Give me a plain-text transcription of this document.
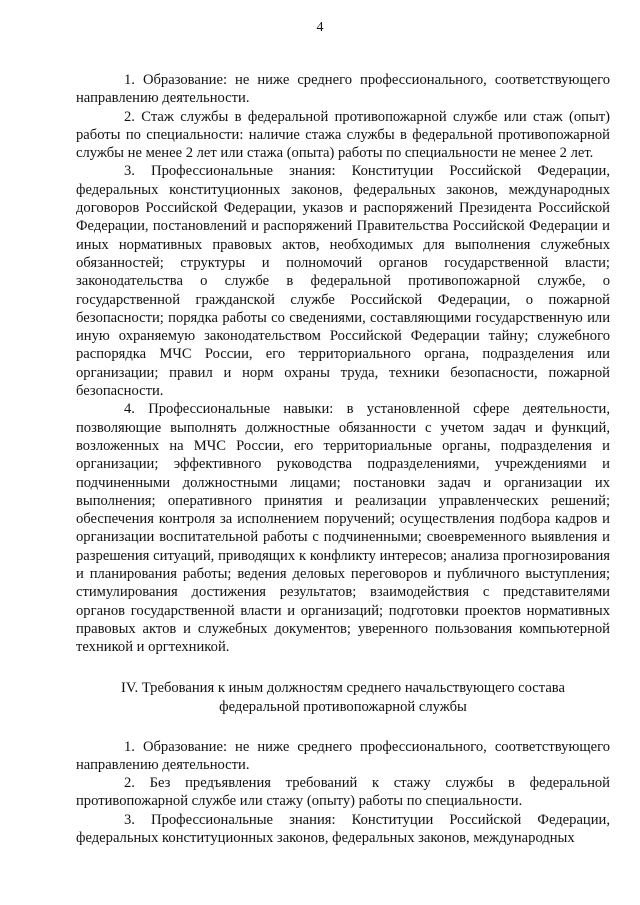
4

1. Образование: не ниже среднего профессионального, соответствующего направлению деятельности.

2. Стаж службы в федеральной противопожарной службе или стаж (опыт) работы по специальности: наличие стажа службы в федеральной противопожарной службы не менее 2 лет или стажа (опыта) работы по специальности не менее 2 лет.

3. Профессиональные знания: Конституции Российской Федерации, федеральных конституционных законов, федеральных законов, международных договоров Российской Федерации, указов и распоряжений Президента Российской Федерации, постановлений и распоряжений Правительства Российской Федерации и иных нормативных правовых актов, необходимых для выполнения служебных обязанностей; структуры и полномочий органов государственной власти; законодательства о службе в федеральной противопожарной службе, о государственной гражданской службе Российской Федерации, о пожарной безопасности; порядка работы со сведениями, составляющими государственную или иную охраняемую законодательством Российской Федерации тайну; служебного распорядка МЧС России, его территориального органа, подразделения или организации; правил и норм охраны труда, техники безопасности, пожарной безопасности.

4. Профессиональные навыки: в установленной сфере деятельности, позволяющие выполнять должностные обязанности с учетом задач и функций, возложенных на МЧС России, его территориальные органы, подразделения и организации; эффективного руководства подразделениями, учреждениями и подчиненными должностными лицами; постановки задач и организации их выполнения; оперативного принятия и реализации управленческих решений; обеспечения контроля за исполнением поручений; осуществления подбора кадров и организации воспитательной работы с подчиненными; своевременного выявления и разрешения ситуаций, приводящих к конфликту интересов; анализа прогнозирования и планирования работы; ведения деловых переговоров и публичного выступления; стимулирования достижения результатов; взаимодействия с представителями органов государственной власти и организаций; подготовки проектов нормативных правовых актов и служебных документов; уверенного пользования компьютерной техникой и оргтехникой.

IV. Требования к иным должностям среднего начальствующего состава
федеральной противопожарной службы

1. Образование: не ниже среднего профессионального, соответствующего направлению деятельности.

2. Без предъявления требований к стажу службы в федеральной противопожарной службе или стажу (опыту) работы по специальности.

3. Профессиональные знания: Конституции Российской Федерации, федеральных конституционных законов, федеральных законов, международных
